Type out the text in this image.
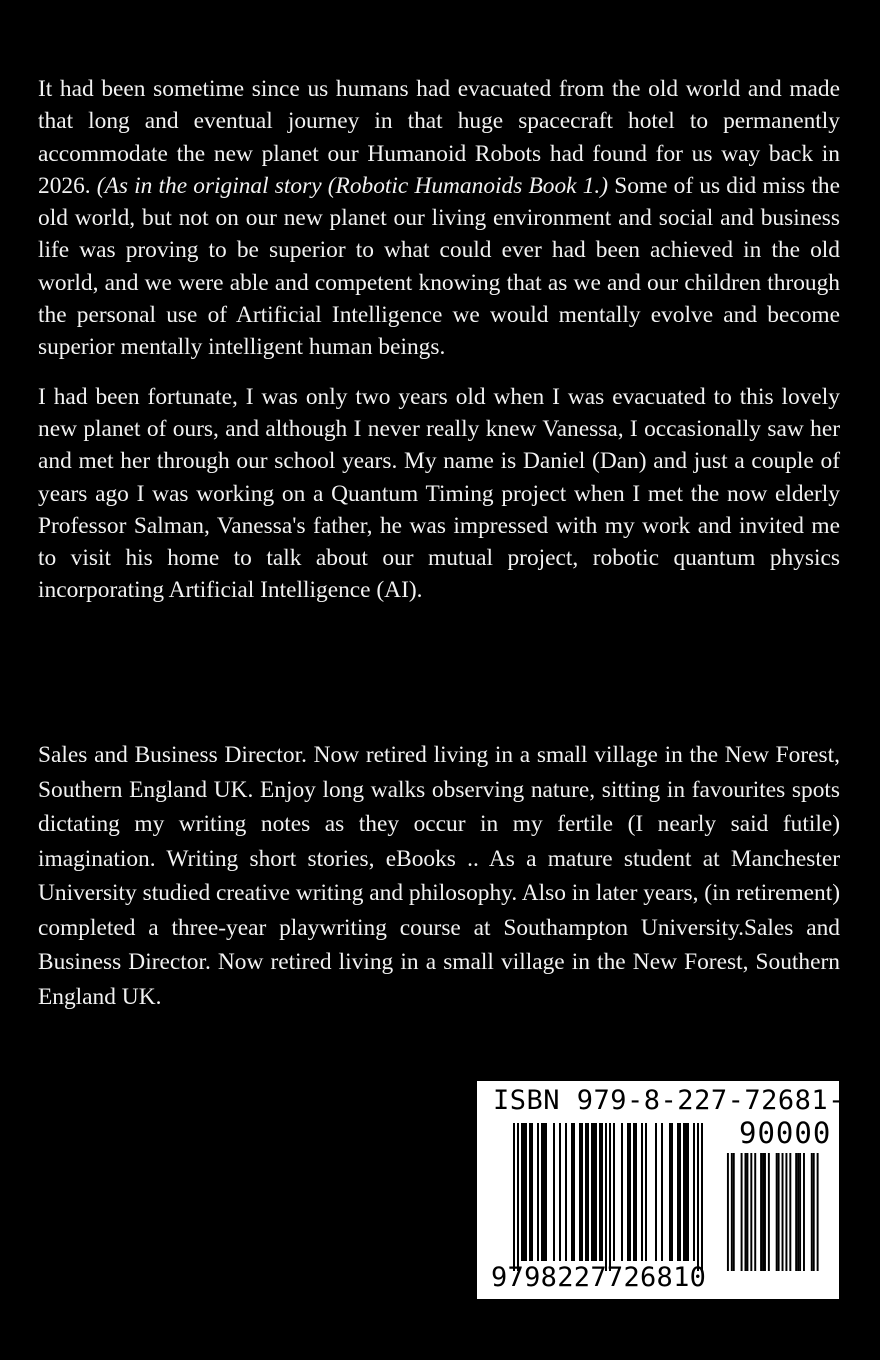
It had been sometime since us humans had evacuated from the old world and made that long and eventual journey in that huge spacecraft hotel to permanently accommodate the new planet our Humanoid Robots had found for us way back in 2026. (As in the original story (Robotic Humanoids Book 1.) Some of us did miss the old world, but not on our new planet our living environment and social and business life was proving to be superior to what could ever had been achieved in the old world, and we were able and competent knowing that as we and our children through the personal use of Artificial Intelligence we would mentally evolve and become superior mentally intelligent human beings.

I had been fortunate, I was only two years old when I was evacuated to this lovely new planet of ours, and although I never really knew Vanessa, I occasionally saw her and met her through our school years. My name is Daniel (Dan) and just a couple of years ago I was working on a Quantum Timing project when I met the now elderly Professor Salman, Vanessa's father, he was impressed with my work and invited me to visit his home to talk about our mutual project, robotic quantum physics incorporating Artificial Intelligence (AI).

Sales and Business Director. Now retired living in a small village in the New Forest, Southern England UK. Enjoy long walks observing nature, sitting in favourites spots dictating my writing notes as they occur in my fertile (I nearly said futile) imagination. Writing short stories, eBooks .. As a mature student at Manchester University studied creative writing and philosophy. Also in later years, (in retirement) completed a three-year playwriting course at Southampton University.Sales and Business Director. Now retired living in a small village in the New Forest, Southern England UK.

ISBN 979-8-227-72681-0
90000
9798227726810
